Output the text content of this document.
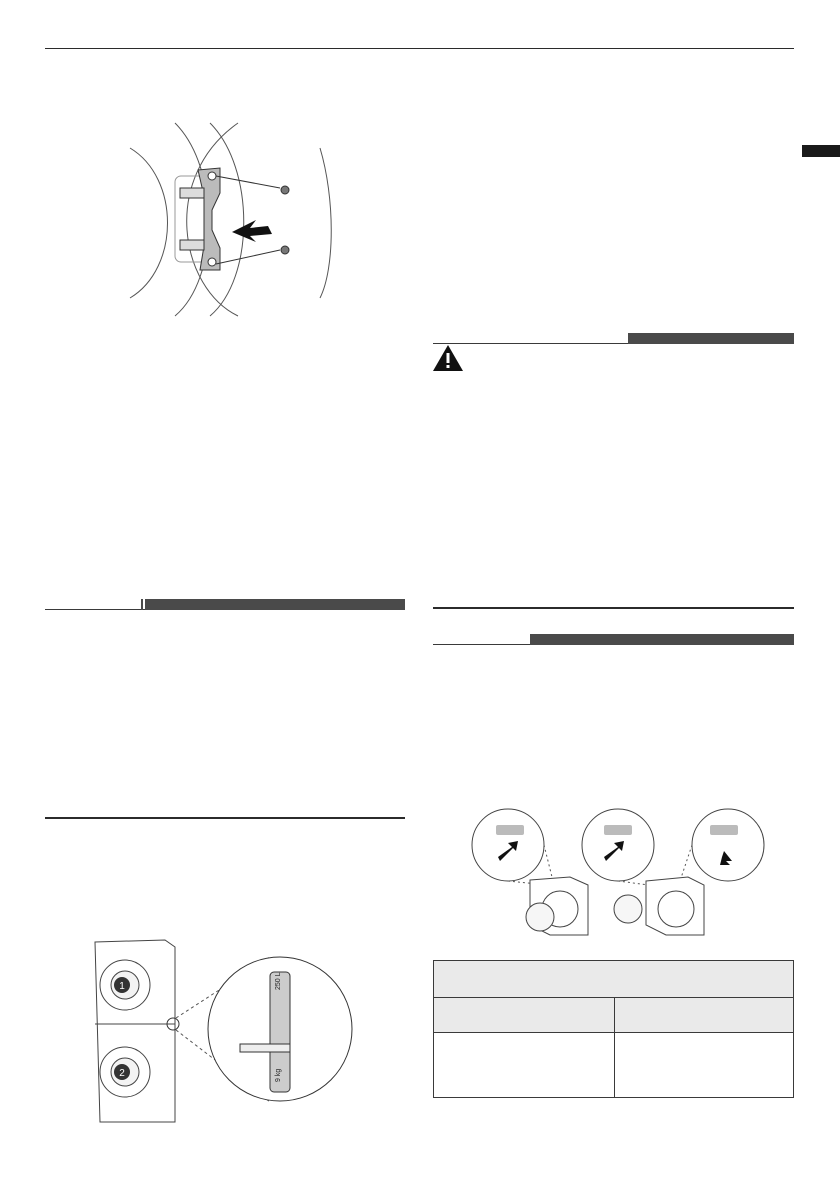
1
2
250 L
9 kg
